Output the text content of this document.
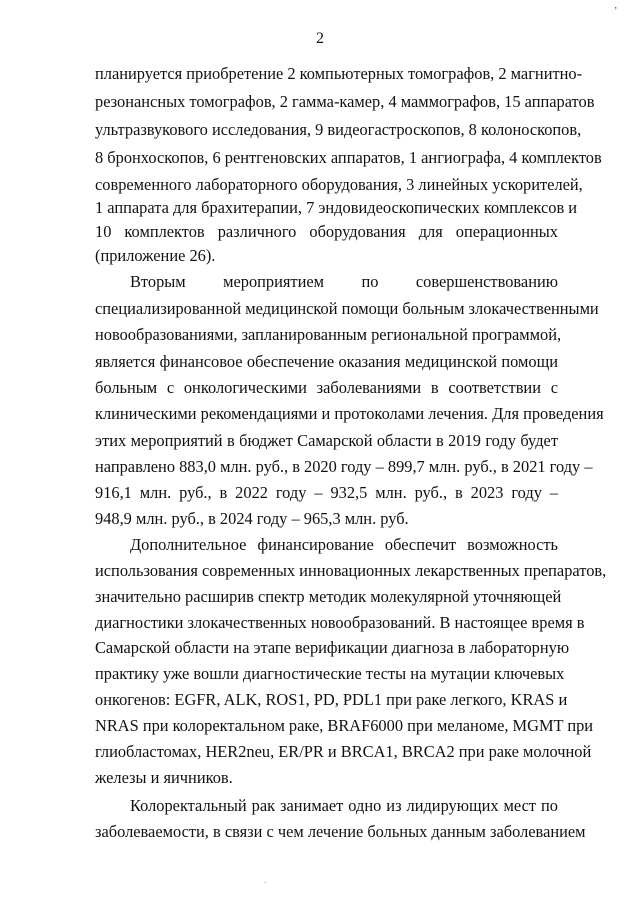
2
ʼ
планируется приобретение 2 компьютерных томографов, 2 магнитно-
резонансных томографов, 2 гамма-камер, 4 маммографов, 15 аппаратов
ультразвукового исследования, 9 видеогастроскопов, 8 колоноскопов,
8 бронхоскопов, 6 рентгеновских аппаратов, 1 ангиографа, 4 комплектов
современного лабораторного оборудования, 3 линейных ускорителей,
1 аппарата для брахитерапии, 7 эндовидеоскопических комплексов и
10 комплектов различного оборудования для операционных
(приложение 26).
Вторым мероприятием по совершенствованию
специализированной медицинской помощи больным злокачественными
новообразованиями, запланированным региональной программой,
является финансовое обеспечение оказания медицинской помощи
больным с онкологическими заболеваниями в соответствии с
клиническими рекомендациями и протоколами лечения. Для проведения
этих мероприятий в бюджет Самарской области в 2019 году будет
направлено 883,0 млн. руб., в 2020 году – 899,7 млн. руб., в 2021 году –
916,1 млн. руб., в 2022 году – 932,5 млн. руб., в 2023 году –
948,9 млн. руб., в 2024 году – 965,3 млн. руб.
Дополнительное финансирование обеспечит возможность
использования современных инновационных лекарственных препаратов,
значительно расширив спектр методик молекулярной уточняющей
диагностики злокачественных новообразований. В настоящее время в
Самарской области на этапе верификации диагноза в лабораторную
практику уже вошли диагностические тесты на мутации ключевых
онкогенов: EGFR, ALK, ROS1, PD, PDL1 при раке легкого, KRAS и
NRAS при колоректальном раке, BRAF6000 при меланоме, MGMT при
глиобластомах, HER2neu, ER/PR и BRCA1, BRCA2 при раке молочной
железы и яичников.
Колоректальный рак занимает одно из лидирующих мест по
заболеваемости, в связи с чем лечение больных данным заболеванием
.
